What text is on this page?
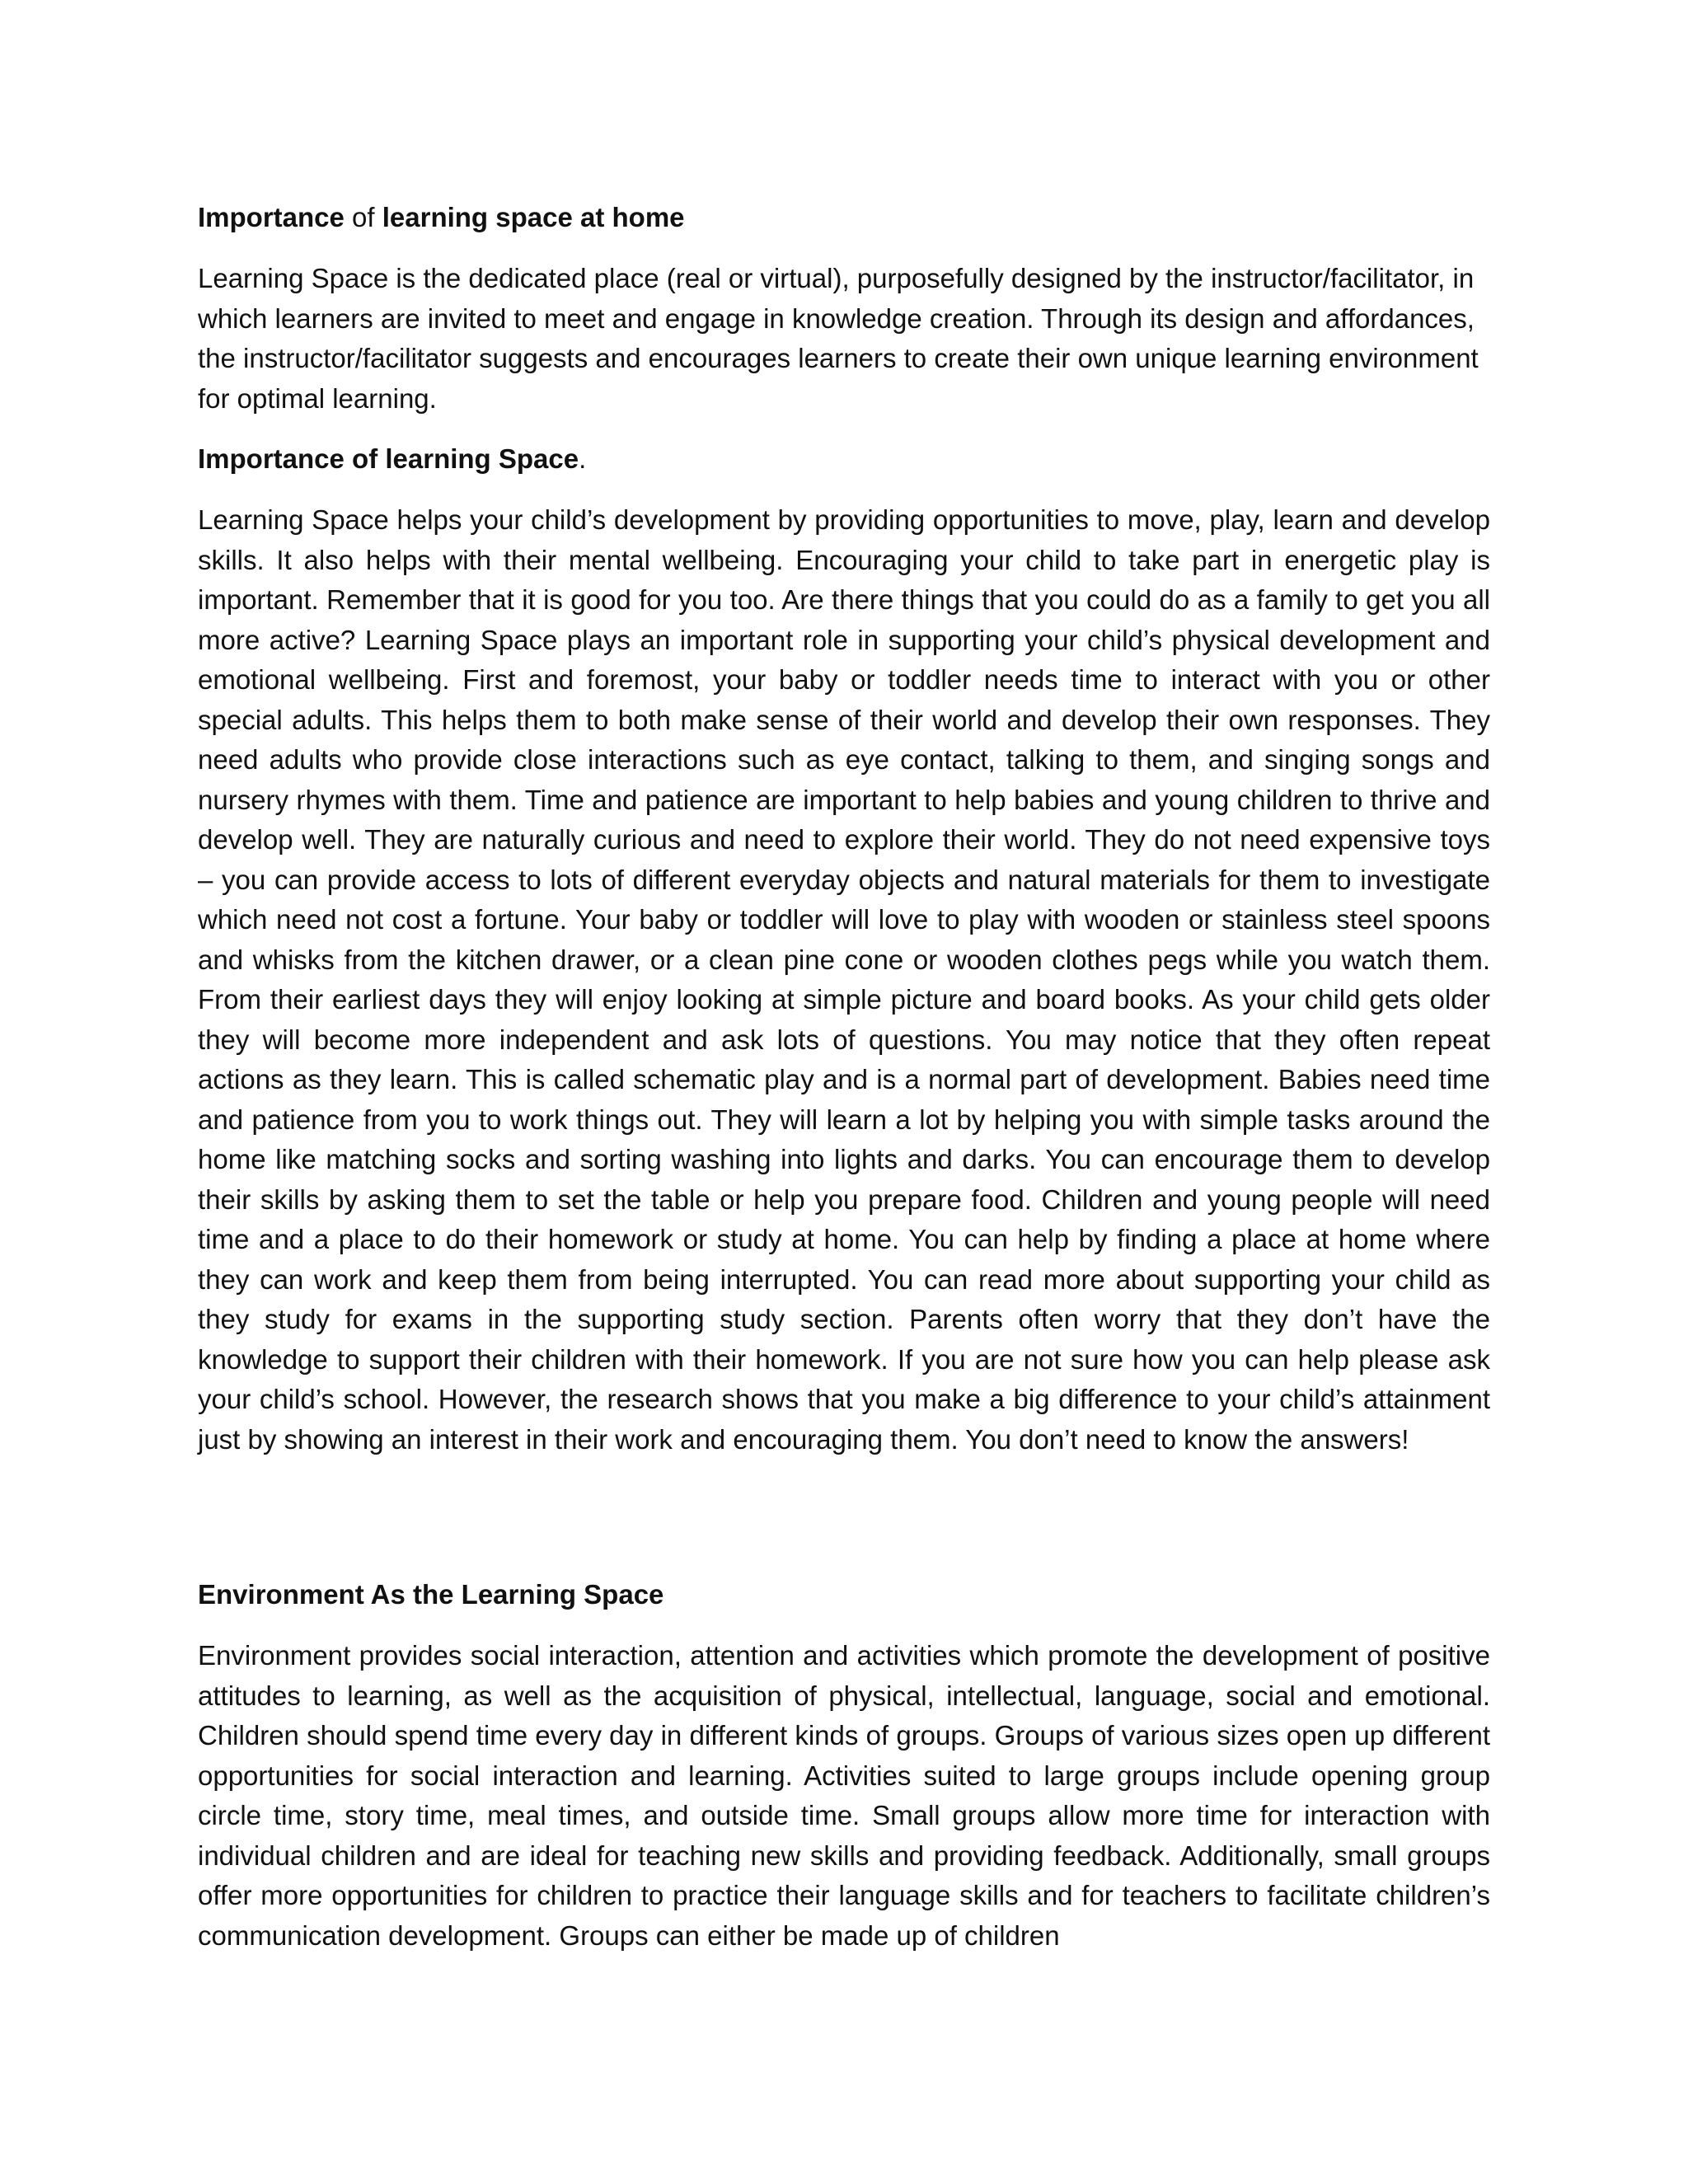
Importance of learning space at home

Learning Space is the dedicated place (real or virtual), purposefully designed by the instructor/facilitator, in which learners are invited to meet and engage in knowledge creation. Through its design and affordances, the instructor/facilitator suggests and encourages learners to create their own unique learning environment for optimal learning.

Importance of learning Space.

Learning Space helps your child’s development by providing opportunities to move, play, learn and develop skills. It also helps with their mental wellbeing. Encouraging your child to take part in energetic play is important. Remember that it is good for you too. Are there things that you could do as a family to get you all more active? Learning Space plays an important role in supporting your child’s physical development and emotional wellbeing. First and foremost, your baby or toddler needs time to interact with you or other special adults. This helps them to both make sense of their world and develop their own responses. They need adults who provide close interactions such as eye contact, talking to them, and singing songs and nursery rhymes with them. Time and patience are important to help babies and young children to thrive and develop well. They are naturally curious and need to explore their world. They do not need expensive toys – you can provide access to lots of different everyday objects and natural materials for them to investigate which need not cost a fortune. Your baby or toddler will love to play with wooden or stainless steel spoons and whisks from the kitchen drawer, or a clean pine cone or wooden clothes pegs while you watch them. From their earliest days they will enjoy looking at simple picture and board books. As your child gets older they will become more independent and ask lots of questions. You may notice that they often repeat actions as they learn. This is called schematic play and is a normal part of development. Babies need time and patience from you to work things out. They will learn a lot by helping you with simple tasks around the home like matching socks and sorting washing into lights and darks. You can encourage them to develop their skills by asking them to set the table or help you prepare food. Children and young people will need time and a place to do their homework or study at home. You can help by finding a place at home where they can work and keep them from being interrupted. You can read more about supporting your child as they study for exams in the supporting study section. Parents often worry that they don’t have the knowledge to support their children with their homework. If you are not sure how you can help please ask your child’s school. However, the research shows that you make a big difference to your child’s attainment just by showing an interest in their work and encouraging them. You don’t need to know the answers!

Environment As the Learning Space

Environment provides social interaction, attention and activities which promote the development of positive attitudes to learning, as well as the acquisition of physical, intellectual, language, social and emotional. Children should spend time every day in different kinds of groups. Groups of various sizes open up different opportunities for social interaction and learning. Activities suited to large groups include opening group circle time, story time, meal times, and outside time. Small groups allow more time for interaction with individual children and are ideal for teaching new skills and providing feedback. Additionally, small groups offer more opportunities for children to practice their language skills and for teachers to facilitate children’s communication development. Groups can either be made up of children
